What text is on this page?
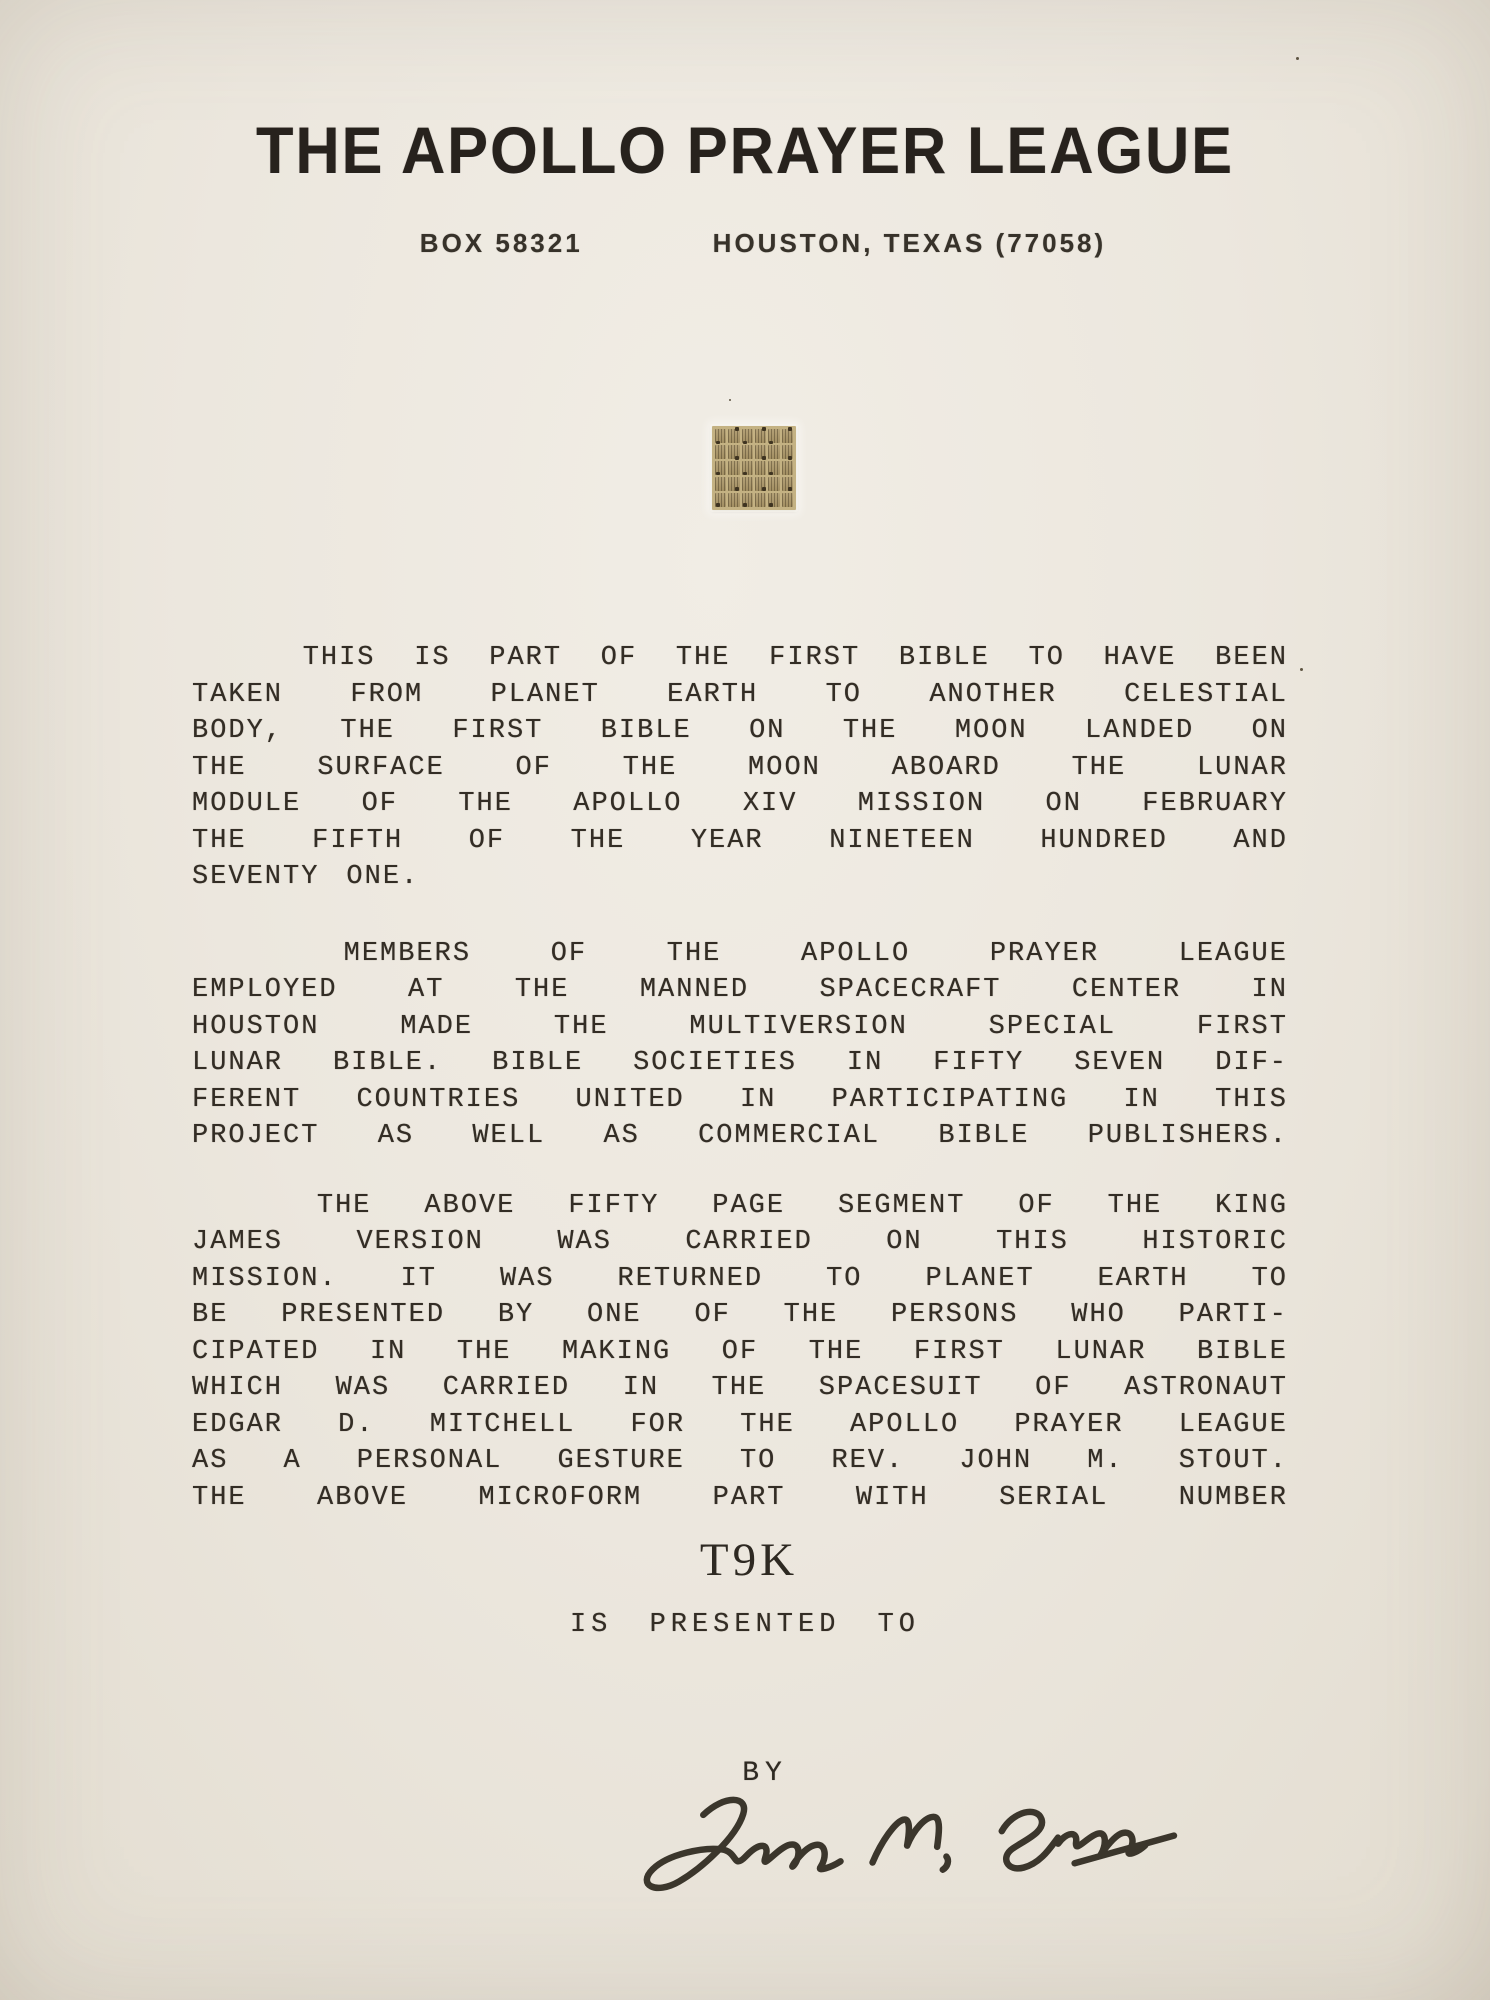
THE APOLLO PRAYER LEAGUE
BOX 58321	HOUSTON, TEXAS (77058)
THIS IS PART OF THE FIRST BIBLE TO HAVE BEEN
TAKEN FROM PLANET EARTH TO ANOTHER CELESTIAL
BODY, THE FIRST BIBLE ON THE MOON LANDED ON
THE	SURFACE	OF	THE	MOON	ABOARD	THE	LUNAR
MODULE OF THE APOLLO XIV MISSION ON FEBRUARY
THE FIFTH OF THE YEAR NINETEEN HUNDRED AND
SEVENTY ONE.
MEMBERS	OF	THE	APOLLO	PRAYER	LEAGUE
EMPLOYED	AT	THE	MANNED	SPACECRAFT	CENTER	IN
HOUSTON	MADE	THE	MULTIVERSION	SPECIAL	FIRST
LUNAR BIBLE. BIBLE SOCIETIES IN FIFTY SEVEN DIF-
FERENT COUNTRIES UNITED IN PARTICIPATING IN THIS
PROJECT AS WELL AS COMMERCIAL BIBLE PUBLISHERS.
THE ABOVE FIFTY PAGE SEGMENT OF THE KING
JAMES	VERSION	WAS	CARRIED	ON	THIS	HISTORIC
MISSION. IT WAS RETURNED TO PLANET EARTH TO
BE PRESENTED BY ONE OF THE PERSONS WHO PARTI-
CIPATED IN THE MAKING OF THE FIRST LUNAR BIBLE
WHICH WAS CARRIED IN THE SPACESUIT OF ASTRONAUT
EDGAR D. MITCHELL FOR THE APOLLO PRAYER LEAGUE
AS A PERSONAL GESTURE TO REV. JOHN M. STOUT.
THE	ABOVE	MICROFORM	PART	WITH	SERIAL	NUMBER
T9K
IS PRESENTED TO
BY
